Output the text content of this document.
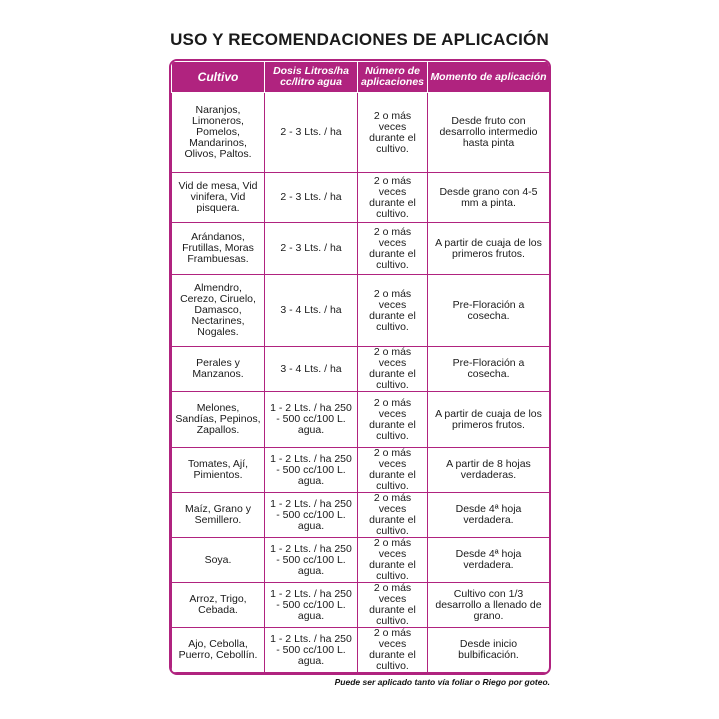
USO Y RECOMENDACIONES DE APLICACIÓN
Cultivo	Dosis Litros/ha cc/litro agua	Número de aplicaciones	Momento de aplicación
Naranjos, Limoneros, Pomelos, Mandarinos, Olivos, Paltos.	2 - 3 Lts. / ha	2 o más veces durante el cultivo.	Desde fruto con desarrollo intermedio hasta pinta
Vid de mesa, Vid vinifera, Vid pisquera.	2 - 3 Lts. / ha	2 o más veces durante el cultivo.	Desde grano con 4-5 mm a pinta.
Arándanos, Frutillas, Moras Frambuesas.	2 - 3 Lts. / ha	2 o más veces durante el cultivo.	A partir de cuaja de los primeros frutos.
Almendro, Cerezo, Ciruelo, Damasco, Nectarines, Nogales.	3 - 4 Lts. / ha	2 o más veces durante el cultivo.	Pre-Floración a cosecha.
Perales y Manzanos.	3 - 4 Lts. / ha	2 o más veces durante el cultivo.	Pre-Floración a cosecha.
Melones, Sandías, Pepinos, Zapallos.	1 - 2 Lts. / ha 250 - 500 cc/100 L. agua.	2 o más veces durante el cultivo.	A partir de cuaja de los primeros frutos.
Tomates, Ají, Pimientos.	1 - 2 Lts. / ha 250 - 500 cc/100 L. agua.	2 o más veces durante el cultivo.	A partir de 8 hojas verdaderas.
Maíz, Grano y Semillero.	1 - 2 Lts. / ha 250 - 500 cc/100 L. agua.	2 o más veces durante el cultivo.	Desde 4ª hoja verdadera.
Soya.	1 - 2 Lts. / ha 250 - 500 cc/100 L. agua.	2 o más veces durante el cultivo.	Desde 4ª hoja verdadera.
Arroz, Trigo, Cebada.	1 - 2 Lts. / ha 250 - 500 cc/100 L. agua.	2 o más veces durante el cultivo.	Cultivo con 1/3 desarrollo a llenado de grano.
Ajo, Cebolla, Puerro, Cebollín.	1 - 2 Lts. / ha 250 - 500 cc/100 L. agua.	2 o más veces durante el cultivo.	Desde inicio bulbificación.

Puede ser aplicado tanto vía foliar o Riego por goteo.
